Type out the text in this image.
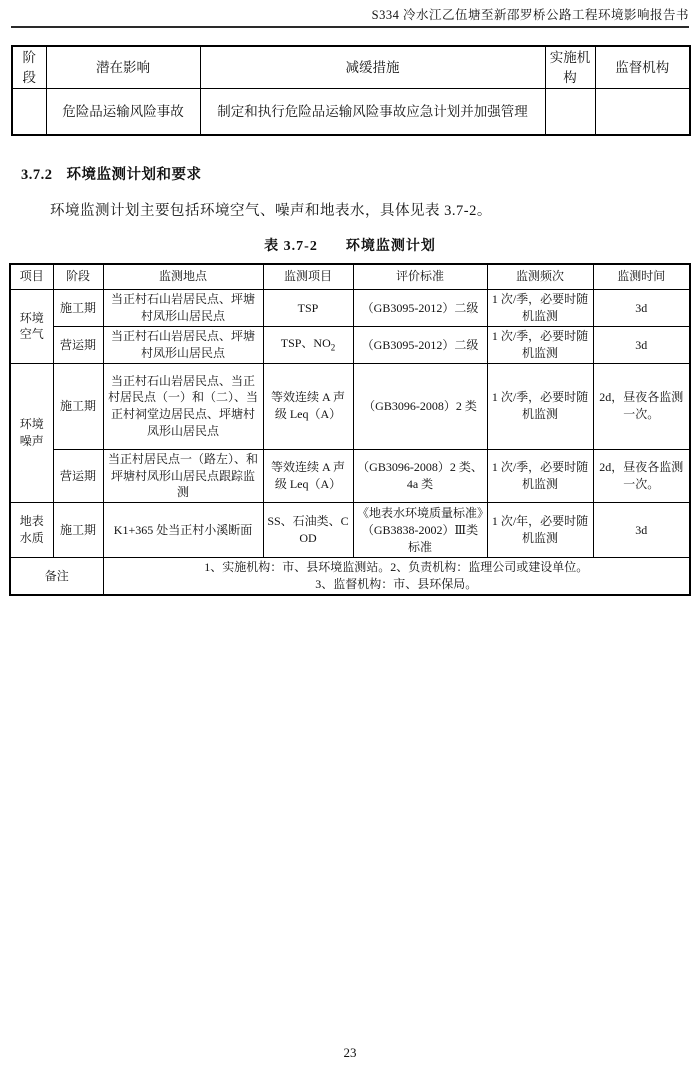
S334 冷水江乙伍塘至新邵罗桥公路工程环境影响报告书
阶段	潜在影响	减缓措施	实施机构	监督机构
	危险品运输风险事故	制定和执行危险品运输风险事故应急计划并加强管理		
3.7.2 环境监测计划和要求

环境监测计划主要包括环境空气、噪声和地表水，具体见表 3.7-2。

表 3.7-2 环境监测计划
项目	阶段	监测地点	监测项目	评价标准	监测频次	监测时间
环境空气	施工期	当正村石山岩居民点、坪塘村凤形山居民点	TSP	（GB3095-2012）二级	1 次/季，必要时随机监测	3d
	营运期	当正村石山岩居民点、坪塘村凤形山居民点	TSP、$NO_2$	（GB3095-2012）二级	1 次/季，必要时随机监测	3d
环境噪声	施工期	当正村石山岩居民点、当正村居民点（一）和（二）、当正村祠堂边居民点、坪塘村凤形山居民点	等效连续 A 声级 Leq（A）	（GB3096-2008）2 类	1 次/季，必要时随机监测	2d，昼夜各监测一次。
	营运期	当正村居民点一（路左）、和坪塘村凤形山居民点跟踪监测	等效连续 A 声级 Leq（A）	（GB3096-2008）2 类、4a 类	1 次/季，必要时随机监测	2d，昼夜各监测一次。
地表水质	施工期	K1+365 处当正村小溪断面	SS、石油类、COD	《地表水环境质量标准》（GB3838-2002）Ⅲ类标准	1 次/年，必要时随机监测	3d
备注		1、实施机构：市、县环境监测站。2、负责机构：监理公司或建设单位。
3、监督机构：市、县环保局。				
23
